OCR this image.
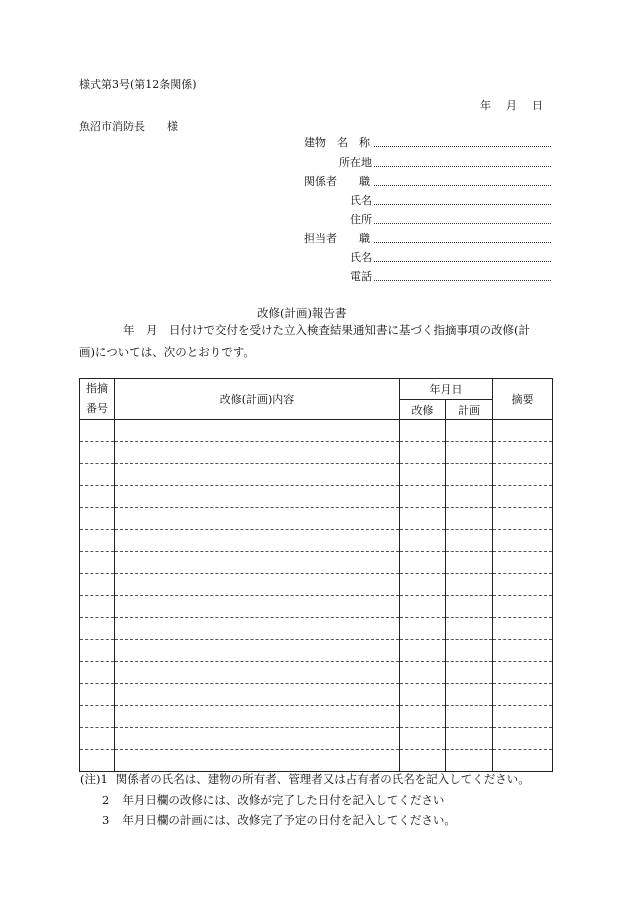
様式第3号(第12条関係)
年　月　日
魚沼市消防長　　様
建物　名　称
所在地
関係者　　職
氏名
住所
担当者　　職
氏名
電話
改修(計画)報告書
年　月　日付けで交付を受けた立入検査結果通知書に基づく指摘事項の改修(計
画)については、次のとおりです。
指摘
番号	改修(計画)内容	年月日		摘要
		改修	計画	

(注)1 関係者の氏名は、建物の所有者、管理者又は占有者の氏名を記入してください。
2 年月日欄の改修には、改修が完了した日付を記入してください
3 年月日欄の計画には、改修完了予定の日付を記入してください。
